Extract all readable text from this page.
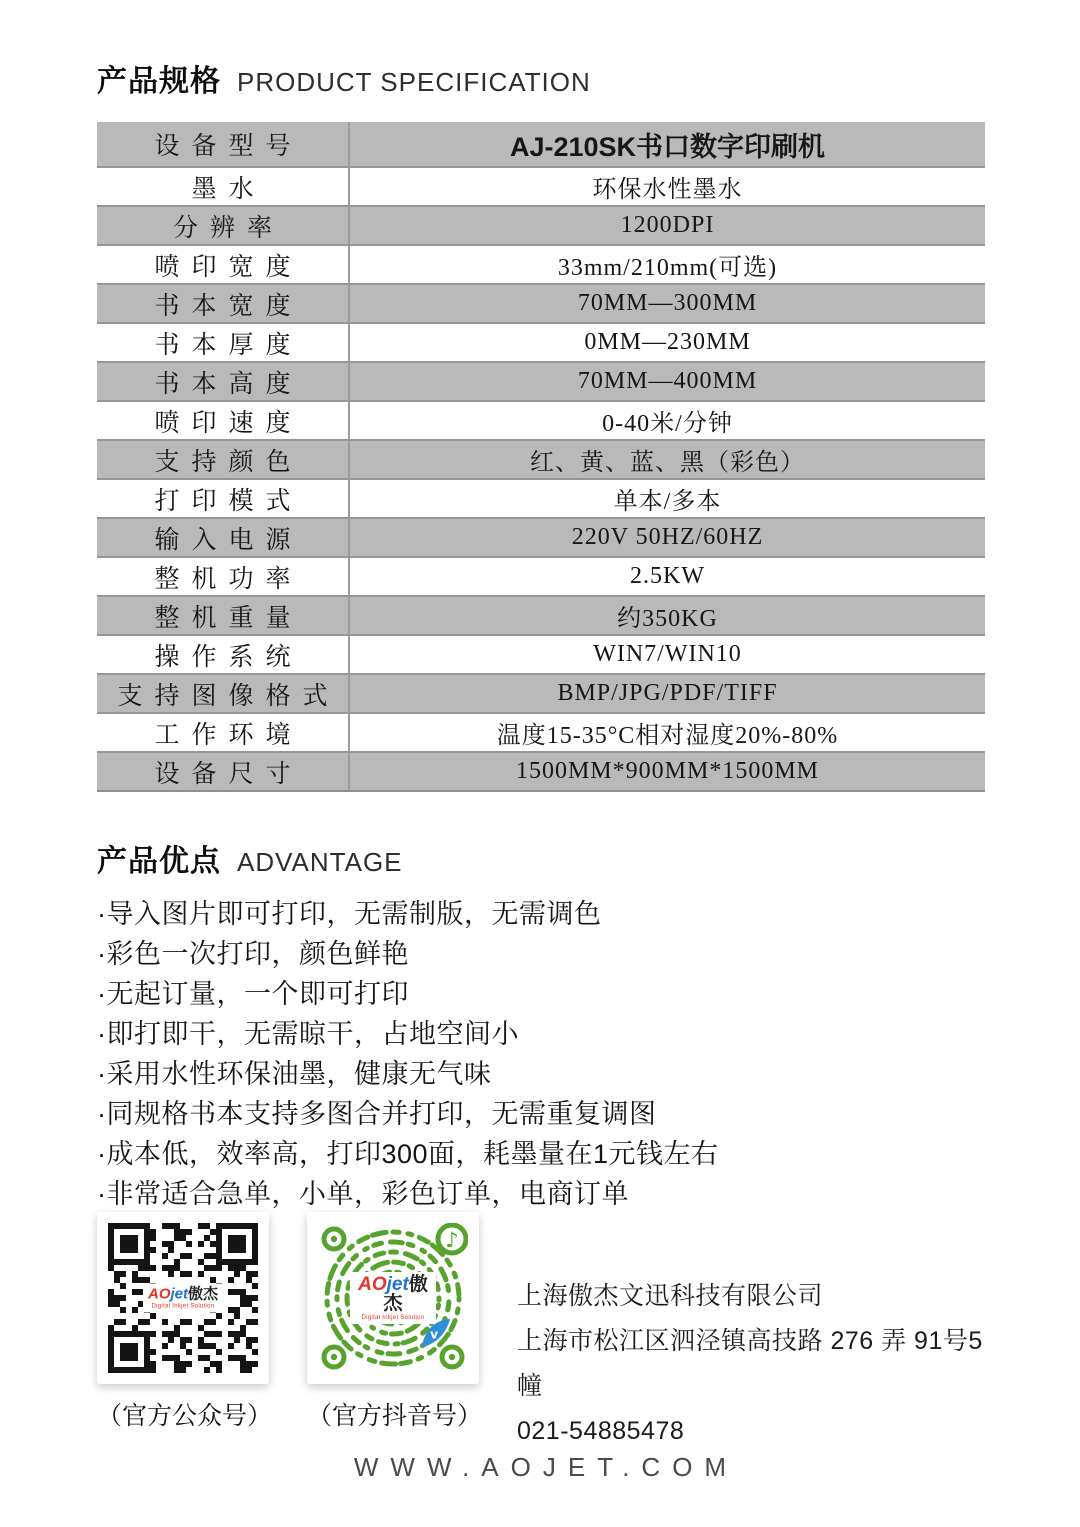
产品规格 PRODUCT SPECIFICATION
设备型号	AJ-210SK书口数字印刷机
墨水	环保水性墨水
分辨率	1200DPI
喷印宽度	33mm/210mm(可选)
书本宽度	70MM—300MM
书本厚度	0MM—230MM
书本高度	70MM—400MM
喷印速度	0-40米/分钟
支持颜色	红、黄、蓝、黑（彩色）
打印模式	单本/多本
输入电源	220V 50HZ/60HZ
整机功率	2.5KW
整机重量	约350KG
操作系统	WIN7/WIN10
支持图像格式	BMP/JPG/PDF/TIFF
工作环境	温度15-35°C相对湿度20%-80%
设备尺寸	1500MM*900MM*1500MM
产品优点 ADVANTAGE
·导入图片即可打印，无需制版，无需调色
·彩色一次打印，颜色鲜艳
·无起订量，一个即可打印
·即打即干，无需晾干，占地空间小
·采用水性环保油墨，健康无气味
·同规格书本支持多图合并打印，无需重复调图
·成本低，效率高，打印300面，耗墨量在1元钱左右
·非常适合急单，小单，彩色订单，电商订单
AOjet傲杰
Digital Inkjet Solution
（官方公众号）
♪
AOjet傲杰
Digital Inkjet Solution
v
（官方抖音号）
上海傲杰文迅科技有限公司
上海市松江区泗泾镇高技路 276 弄 91号5幢
021-54885478
WWW.AOJET.COM
